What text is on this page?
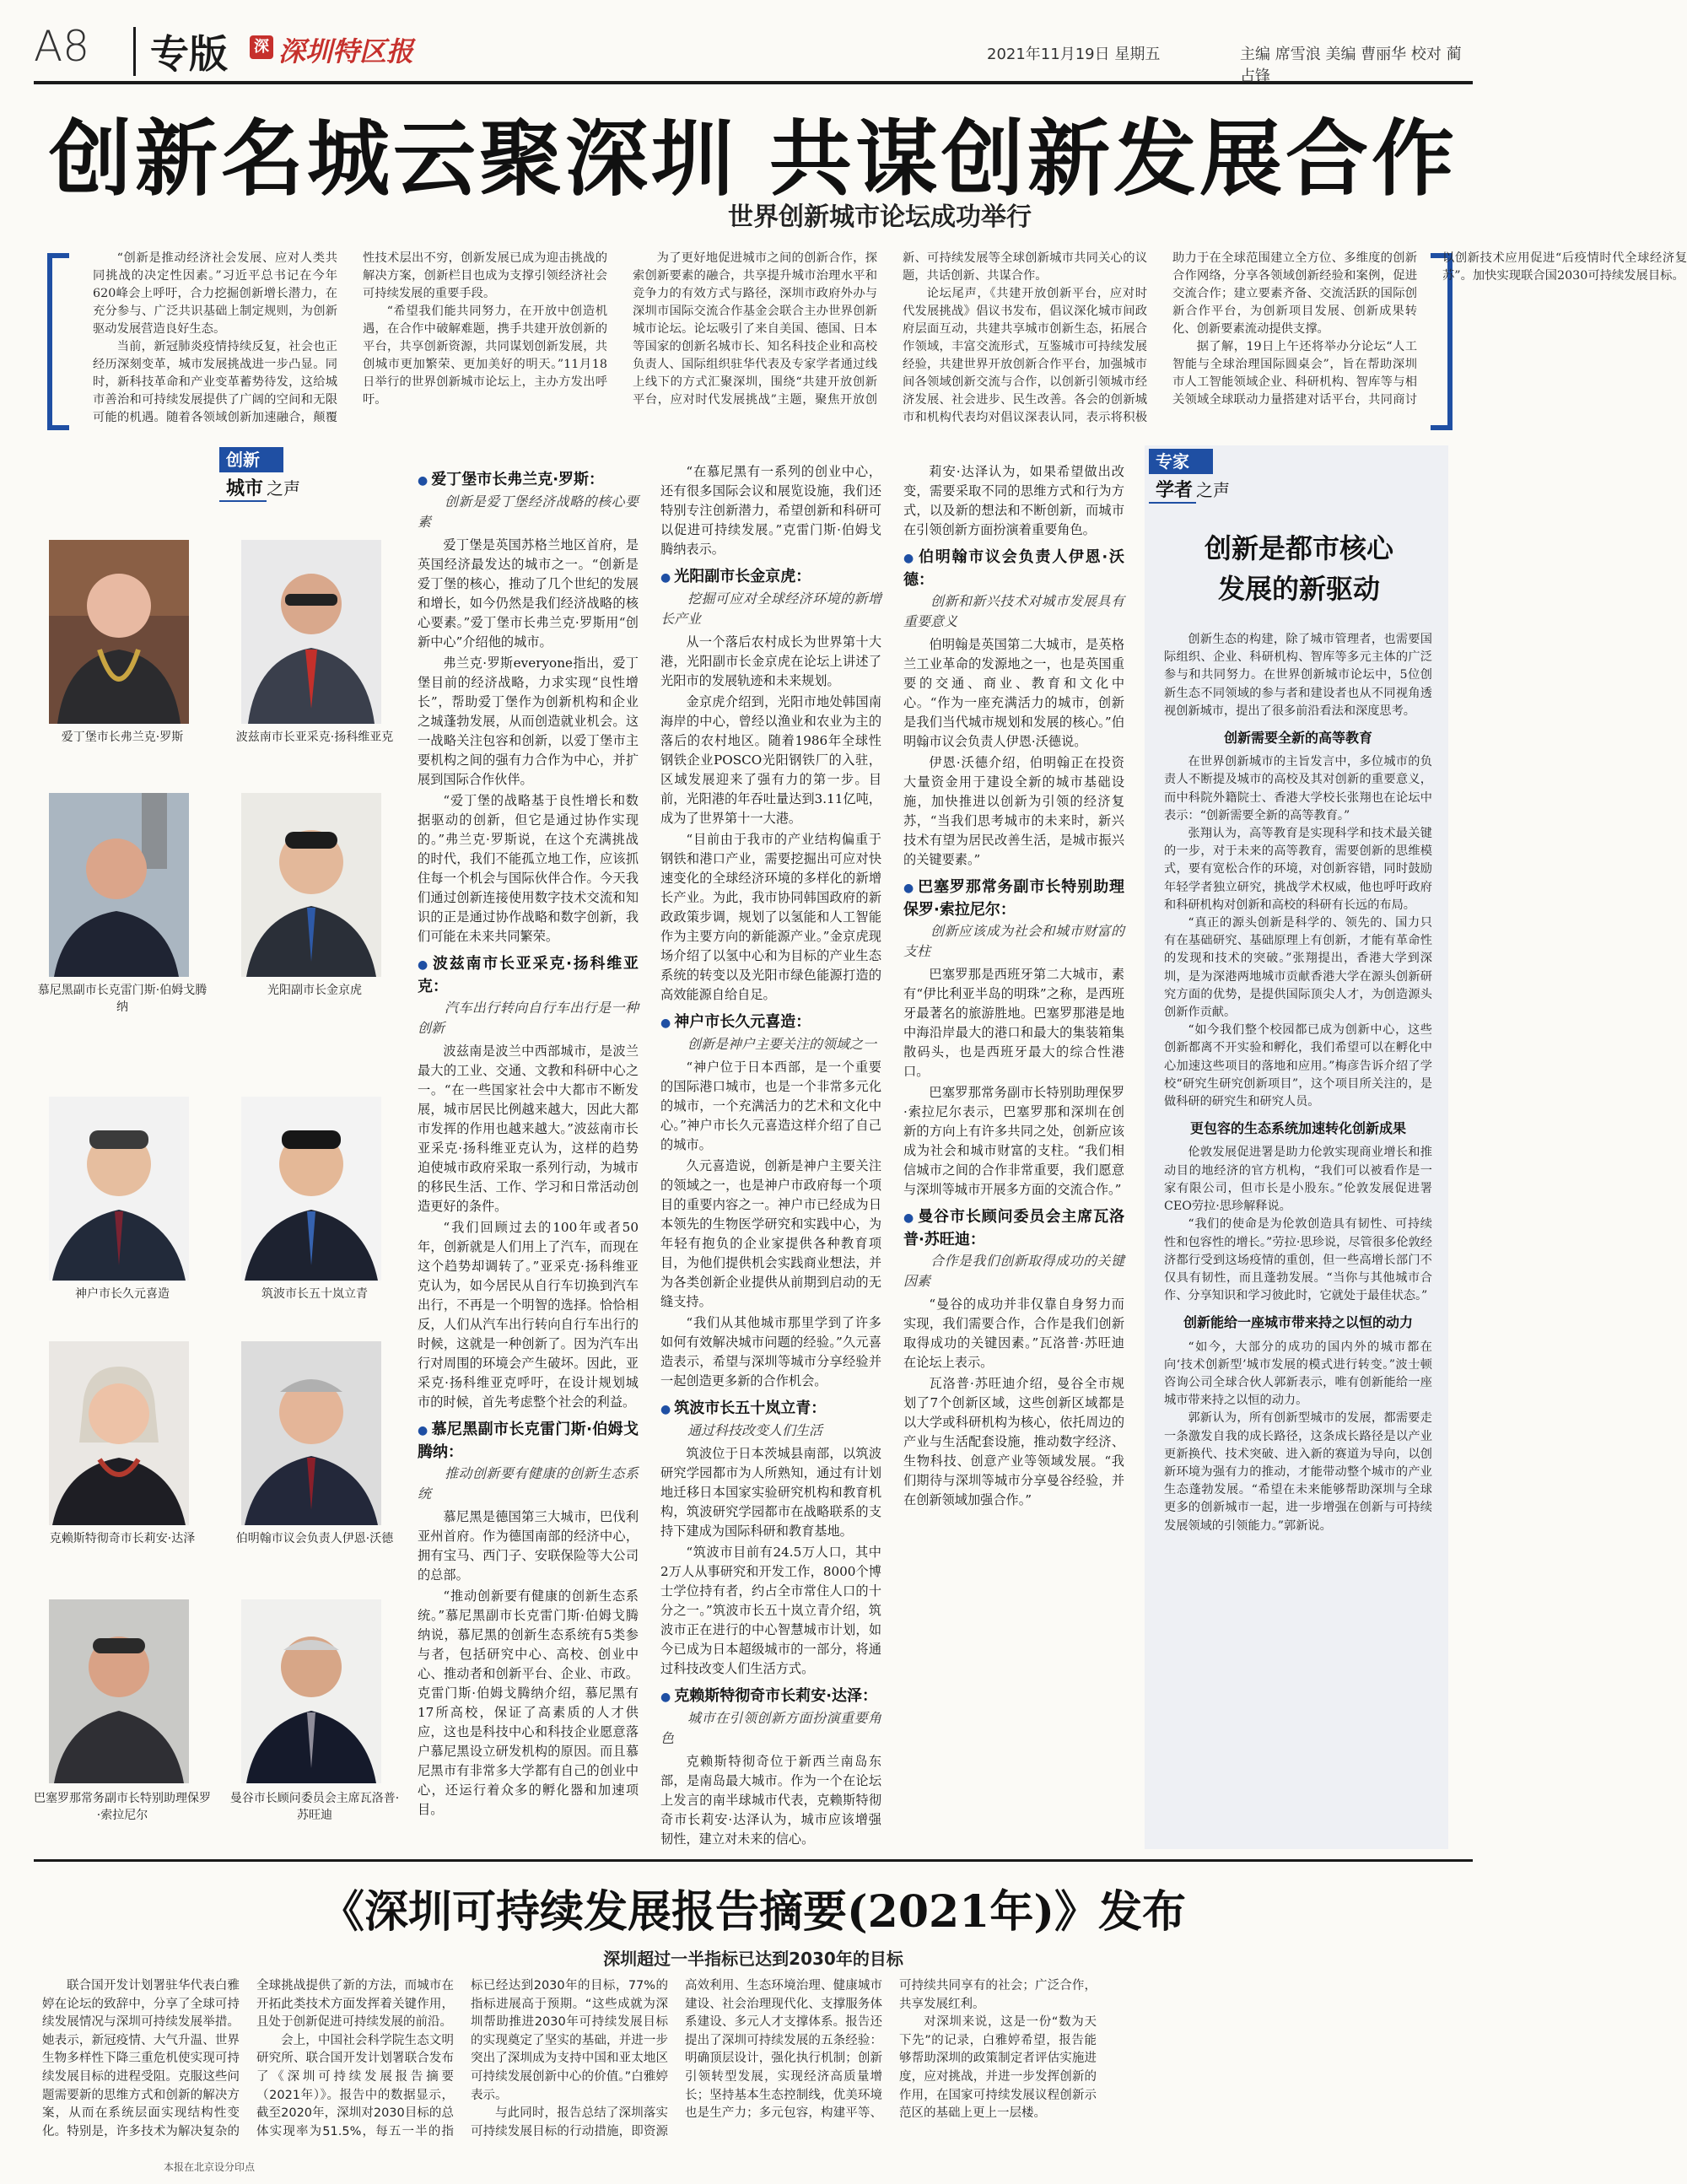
A8 专版 深 深圳特区报	2021年11月19日 星期五	主编 席雪浪 美编 曹丽华 校对 蔺占锋
创新名城云聚深圳 共谋创新发展合作
世界创新城市论坛成功举行

“创新是推动经济社会发展、应对人类共同挑战的决定性因素。”习近平总书记在今年620峰会上呼吁，合力挖掘创新增长潜力，在充分参与、广泛共识基础上制定规则，为创新驱动发展营造良好生态。

当前，新冠肺炎疫情持续反复，社会也正经历深刻变革，城市发展挑战进一步凸显。同时，新科技革命和产业变革蓄势待发，这给城市善治和可持续发展提供了广阔的空间和无限可能的机遇。随着各领域创新加速融合，颠覆性技术层出不穷，创新发展已成为迎击挑战的解决方案，创新栏目也成为支撑引领经济社会可持续发展的重要手段。

“希望我们能共同努力，在开放中创造机遇，在合作中破解难题，携手共建开放创新的平台，共享创新资源，共同谋划创新发展，共创城市更加繁荣、更加美好的明天。”11月18日举行的世界创新城市论坛上，主办方发出呼吁。

为了更好地促进城市之间的创新合作，探索创新要素的融合，共享提升城市治理水平和竞争力的有效方式与路径，深圳市政府外办与深圳市国际交流合作基金会联合主办世界创新城市论坛。论坛吸引了来自美国、德国、日本等国家的创新名城市长、知名科技企业和高校负责人、国际组织驻华代表及专家学者通过线上线下的方式汇聚深圳，围绕“共建开放创新平台，应对时代发展挑战”主题，聚焦开放创新、可持续发展等全球创新城市共同关心的议题，共话创新、共谋合作。

论坛尾声，《共建开放创新平台，应对时代发展挑战》倡议书发布，倡议深化城市间政府层面互动，共建共享城市创新生态，拓展合作领域，丰富交流形式，互鉴城市可持续发展经验，共建世界开放创新合作平台，加强城市间各领域创新交流与合作，以创新引领城市经济发展、社会进步、民生改善。各会的创新城市和机构代表均对倡议深表认同，表示将积极助力于在全球范围建立全方位、多维度的创新合作网络，分享各领域创新经验和案例，促进交流合作；建立要素齐备、交流活跃的国际创新合作平台，为创新项目发展、创新成果转化、创新要素流动提供支撑。

据了解，19日上午还将举办分论坛“人工智能与全球治理国际圆桌会”，旨在帮助深圳市人工智能领域企业、科研机构、智库等与相关领域全球联动力量搭建对话平台，共同商讨以创新技术应用促进“后疫情时代全球经济复苏”。加快实现联合国2030可持续发展目标。

创新
城市 之声
爱丁堡市长弗兰克·罗斯	波兹南市长亚采克·扬科维亚克
慕尼黑副市长克雷门斯·伯姆戈腾纳
光阳副市长金京虎
神户市长久元喜造	筑波市长五十岚立青
克赖斯特彻奇市长莉安·达泽	伯明翰市议会负责人伊恩·沃德
巴塞罗那常务副市长特别助理保罗·索拉尼尔
曼谷市长顾问委员会主席瓦洛普·苏旺迪
● 爱丁堡市长弗兰克·罗斯：
创新是爱丁堡经济战略的核心要素

爱丁堡是英国苏格兰地区首府，是英国经济最发达的城市之一。“创新是爱丁堡的核心，推动了几个世纪的发展和增长，如今仍然是我们经济战略的核心要素。”爱丁堡市长弗兰克·罗斯用“创新中心”介绍他的城市。

弗兰克·罗斯everyone指出，爱丁堡目前的经济战略，力求实现“良性增长”，帮助爱丁堡作为创新机构和企业之城蓬勃发展，从而创造就业机会。这一战略关注包容和创新，以爱丁堡市主要机构之间的强有力合作为中心，并扩展到国际合作伙伴。

“爱丁堡的战略基于良性增长和数据驱动的创新，但它是通过协作实现的。”弗兰克·罗斯说，在这个充满挑战的时代，我们不能孤立地工作，应该抓住每一个机会与国际伙伴合作。今天我们通过创新连接使用数字技术交流和知识的正是通过协作战略和数字创新，我们可能在未来共同繁荣。

● 波兹南市长亚采克·扬科维亚克：
汽车出行转向自行车出行是一种创新

波兹南是波兰中西部城市，是波兰最大的工业、交通、文教和科研中心之一。“在一些国家社会中大都市不断发展，城市居民比例越来越大，因此大都市发挥的作用也越来越大。”波兹南市长亚采克·扬科维亚克认为，这样的趋势迫使城市政府采取一系列行动，为城市的移民生活、工作、学习和日常活动创造更好的条件。

“我们回顾过去的100年或者50年，创新就是人们用上了汽车，而现在这个趋势却调转了。”亚采克·扬科维亚克认为，如今居民从自行车切换到汽车出行，不再是一个明智的选择。恰恰相反，人们从汽车出行转向自行车出行的时候，这就是一种创新了。因为汽车出行对周围的环境会产生破坏。因此，亚采克·扬科维亚克呼吁，在设计规划城市的时候，首先考虑整个社会的利益。

● 慕尼黑副市长克雷门斯·伯姆戈腾纳：
推动创新要有健康的创新生态系统

慕尼黑是德国第三大城市，巴伐利亚州首府。作为德国南部的经济中心，拥有宝马、西门子、安联保险等大公司的总部。

“推动创新要有健康的创新生态系统。”慕尼黑副市长克雷门斯·伯姆戈腾纳说，慕尼黑的创新生态系统有5类参与者，包括研究中心、高校、创业中心、推动者和创新平台、企业、市政。克雷门斯·伯姆戈腾纳介绍，慕尼黑有17所高校，保证了高素质的人才供应，这也是科技中心和科技企业愿意落户慕尼黑设立研发机构的原因。而且慕尼黑市有非常多大学都有自己的创业中心，还运行着众多的孵化器和加速项目。

“在慕尼黑有一系列的创业中心，还有很多国际会议和展览设施，我们还特别专注创新潜力，希望创新和科研可以促进可持续发展。”克雷门斯·伯姆戈腾纳表示。

● 光阳副市长金京虎：
挖掘可应对全球经济环境的新增长产业

从一个落后农村成长为世界第十大港，光阳副市长金京虎在论坛上讲述了光阳市的发展轨迹和未来规划。

金京虎介绍到，光阳市地处韩国南海岸的中心，曾经以渔业和农业为主的落后的农村地区。随着1986年全球性钢铁企业POSCO光阳钢铁厂的入驻，区域发展迎来了强有力的第一步。目前，光阳港的年吞吐量达到3.11亿吨，成为了世界第十一大港。

“目前由于我市的产业结构偏重于钢铁和港口产业，需要挖掘出可应对快速变化的全球经济环境的多样化的新增长产业。为此，我市协同韩国政府的新政政策步调，规划了以氢能和人工智能作为主要方向的新能源产业。”金京虎现场介绍了以氢中心和为目标的产业生态系统的转变以及光阳市绿色能源打造的高效能源自给自足。

● 神户市长久元喜造：
创新是神户主要关注的领域之一

“神户位于日本西部，是一个重要的国际港口城市，也是一个非常多元化的城市，一个充满活力的艺术和文化中心。”神户市长久元喜造这样介绍了自己的城市。

久元喜造说，创新是神户主要关注的领域之一，也是神户市政府每一个项目的重要内容之一。神户市已经成为日本领先的生物医学研究和实践中心，为年轻有抱负的企业家提供各种教育项目，为他们提供机会实践商业想法，并为各类创新企业提供从前期到启动的无缝支持。

“我们从其他城市那里学到了许多如何有效解决城市问题的经验。”久元喜造表示，希望与深圳等城市分享经验并一起创造更多新的合作机会。

● 筑波市长五十岚立青：
通过科技改变人们生活

筑波位于日本茨城县南部，以筑波研究学园都市为人所熟知，通过有计划地迁移日本国家实验研究机构和教育机构，筑波研究学园都市在战略联系的支持下建成为国际科研和教育基地。

“筑波市目前有24.5万人口，其中2万人从事研究和开发工作，8000个博士学位持有者，约占全市常住人口的十分之一。”筑波市长五十岚立青介绍，筑波市正在进行的中心智慧城市计划，如今已成为日本超级城市的一部分，将通过科技改变人们生活方式。

● 克赖斯特彻奇市长莉安·达泽：
城市在引领创新方面扮演重要角色

克赖斯特彻奇位于新西兰南岛东部，是南岛最大城市。作为一个在论坛上发言的南半球城市代表，克赖斯特彻奇市长莉安·达泽认为，城市应该增强韧性，建立对未来的信心。

莉安·达泽认为，如果希望做出改变，需要采取不同的思维方式和行为方式，以及新的想法和不断创新，而城市在引领创新方面扮演着重要角色。

● 伯明翰市议会负责人伊恩·沃德：
创新和新兴技术对城市发展具有重要意义

伯明翰是英国第二大城市，是英格兰工业革命的发源地之一，也是英国重要的交通、商业、教育和文化中心。“作为一座充满活力的城市，创新是我们当代城市规划和发展的核心。”伯明翰市议会负责人伊恩·沃德说。

伊恩·沃德介绍，伯明翰正在投资大量资金用于建设全新的城市基础设施，加快推进以创新为引领的经济复苏，“当我们思考城市的未来时，新兴技术有望为居民改善生活，是城市振兴的关键要素。”

● 巴塞罗那常务副市长特别助理保罗·索拉尼尔：
创新应该成为社会和城市财富的支柱

巴塞罗那是西班牙第二大城市，素有“伊比利亚半岛的明珠”之称，是西班牙最著名的旅游胜地。巴塞罗那港是地中海沿岸最大的港口和最大的集装箱集散码头，也是西班牙最大的综合性港口。

巴塞罗那常务副市长特别助理保罗·索拉尼尔表示，巴塞罗那和深圳在创新的方向上有许多共同之处，创新应该成为社会和城市财富的支柱。“我们相信城市之间的合作非常重要，我们愿意与深圳等城市开展多方面的交流合作。”

● 曼谷市长顾问委员会主席瓦洛普·苏旺迪：
合作是我们创新取得成功的关键因素

“曼谷的成功并非仅靠自身努力而实现，我们需要合作，合作是我们创新取得成功的关键因素。”瓦洛普·苏旺迪在论坛上表示。

瓦洛普·苏旺迪介绍，曼谷全市规划了7个创新区域，这些创新区域都是以大学或科研机构为核心，依托周边的产业与生活配套设施，推动数字经济、生物科技、创意产业等领域发展。“我们期待与深圳等城市分享曼谷经验，并在创新领域加强合作。”

专家
学者 之声
创新是都市核心
发展的新驱动

创新生态的构建，除了城市管理者，也需要国际组织、企业、科研机构、智库等多元主体的广泛参与和共同努力。在世界创新城市论坛中，5位创新生态不同领域的参与者和建设者也从不同视角透视创新城市，提出了很多前沿看法和深度思考。

创新需要全新的高等教育

在世界创新城市的主旨发言中，多位城市的负责人不断提及城市的高校及其对创新的重要意义，而中科院外籍院士、香港大学校长张翔也在论坛中表示：“创新需要全新的高等教育。”

张翔认为，高等教育是实现科学和技术最关键的一步，对于未来的高等教育，需要创新的思维模式，要有宽松合作的环境，对创新容错，同时鼓励年轻学者独立研究，挑战学术权威，他也呼吁政府和科研机构对创新和高校的科研有长远的布局。

“真正的源头创新是科学的、领先的、国力只有在基础研究、基础原理上有创新，才能有革命性的发现和技术的突破。”张翔提出，香港大学到深圳，是为深港两地城市贡献香港大学在源头创新研究方面的优势，是提供国际顶尖人才，为创造源头创新作贡献。

“如今我们整个校园都已成为创新中心，这些创新都离不开实验和孵化，我们希望可以在孵化中心加速这些项目的落地和应用。”梅彦告诉介绍了学校“研究生研究创新项目”，这个项目所关注的，是做科研的研究生和研究人员。

更包容的生态系统加速转化创新成果

伦敦发展促进署是助力伦敦实现商业增长和推动目的地经济的官方机构，“我们可以被看作是一家有限公司，但市长是小股东。”伦敦发展促进署CEO劳拉·思珍解释说。

“我们的使命是为伦敦创造具有韧性、可持续性和包容性的增长。”劳拉·思珍说，尽管很多伦敦经济都行受到这场疫情的重创，但一些高增长部门不仅具有韧性，而且蓬勃发展。“当你与其他城市合作、分享知识和学习彼此时，它就处于最佳状态。”

创新能给一座城市带来持之以恒的动力

“如今，大部分的成功的国内外的城市都在向‘技术创新型’城市发展的模式进行转变。”波士顿咨询公司全球合伙人郭新表示，唯有创新能给一座城市带来持之以恒的动力。

郭新认为，所有创新型城市的发展，都需要走一条激发自我的成长路径，这条成长路径是以产业更新换代、技术突破、进入新的赛道为导向，以创新环境为强有力的推动，才能带动整个城市的产业生态蓬勃发展。“希望在未来能够帮助深圳与全球更多的创新城市一起，进一步增强在创新与可持续发展领域的引领能力。”郭新说。

《深圳可持续发展报告摘要(2021年)》发布
深圳超过一半指标已达到2030年的目标

联合国开发计划署驻华代表白雅婷在论坛的致辞中，分享了全球可持续发展情况与深圳可持续发展举措。她表示，新冠疫情、大气升温、世界生物多样性下降三重危机使实现可持续发展目标的进程受阻。克服这些问题需要新的思维方式和创新的解决方案，从而在系统层面实现结构性变化。特别是，许多技术为解决复杂的全球挑战提供了新的方法，而城市在开拓此类技术方面发挥着关键作用，且处于创新促进可持续发展的前沿。

会上，中国社会科学院生态文明研究所、联合国开发计划署联合发布了《深圳可持续发展报告摘要（2021年）》。报告中的数据显示，截至2020年，深圳对2030目标的总体实现率为51.5%，每五一半的指标已经达到2030年的目标，77%的指标进展高于预期。“这些成就为深圳帮助推进2030年可持续发展目标的实现奠定了坚实的基础，并进一步突出了深圳成为支持中国和亚太地区可持续发展创新中心的价值。”白雅婷表示。

与此同时，报告总结了深圳落实可持续发展目标的行动措施，即资源高效利用、生态环境治理、健康城市建设、社会治理现代化、支撑服务体系建设、多元人才支撑体系。报告还提出了深圳可持续发展的五条经验：明确顶层设计，强化执行机制；创新引领转型发展，实现经济高质量增长；坚持基本生态控制线，优美环境也是生产力；多元包容，构建平等、可持续共同享有的社会；广泛合作，共享发展红利。

对深圳来说，这是一份“数为天下先”的记录，白雅婷希望，报告能够帮助深圳的政策制定者评估实施进度，应对挑战，并进一步发挥创新的作用，在国家可持续发展议程创新示范区的基础上更上一层楼。

本报在北京设分印点
